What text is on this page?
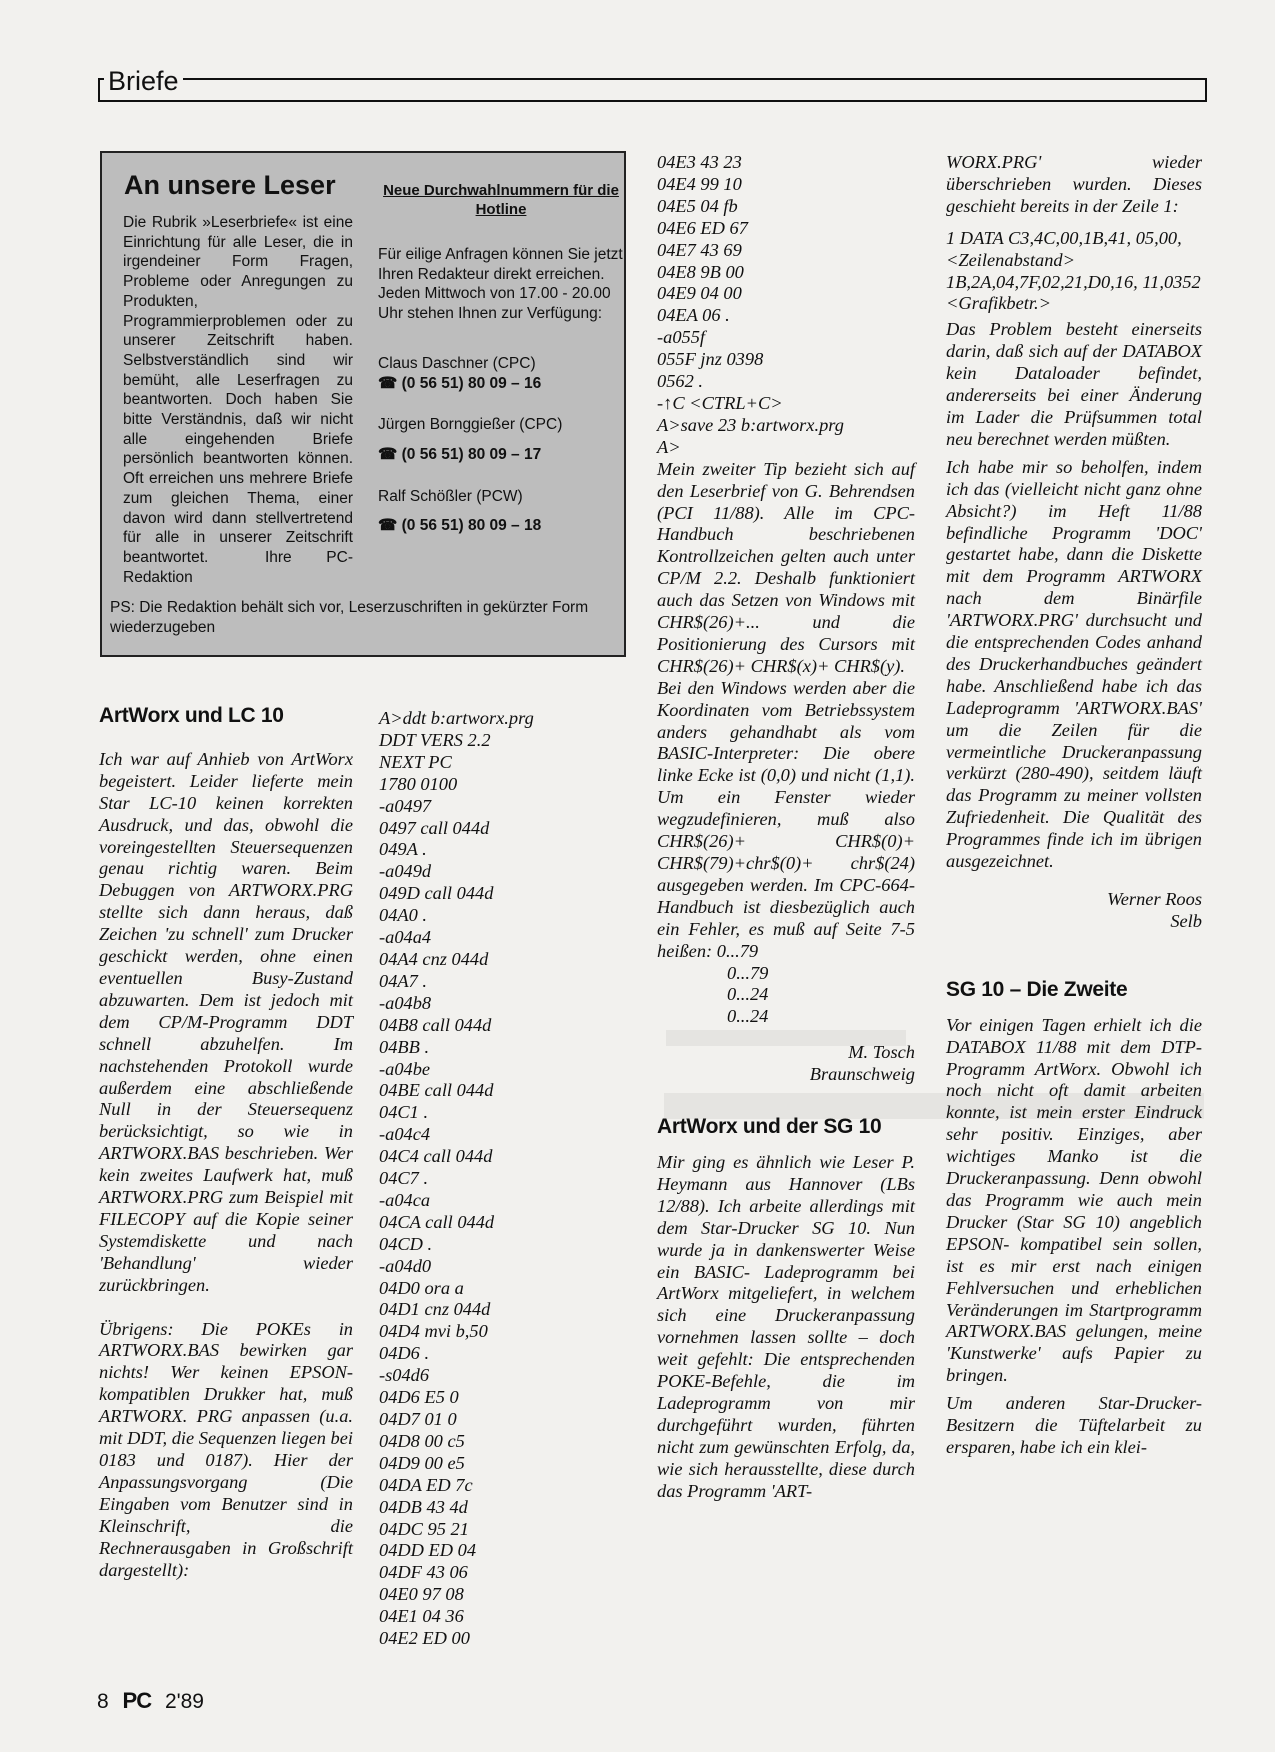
Briefe
An unsere Leser
Die Rubrik »Leserbriefe« ist eine Einrichtung für alle Leser, die in irgendeiner Form Fragen, Probleme oder Anregungen zu Produkten, Programmierproblemen oder zu unserer Zeitschrift haben. Selbstverständlich sind wir bemüht, alle Leserfragen zu beantworten. Doch haben Sie bitte Verständnis, daß wir nicht alle eingehenden Briefe persönlich beantworten können. Oft erreichen uns mehrere Briefe zum gleichen Thema, einer davon wird dann stellvertretend für alle in unserer Zeitschrift beantwortet.	Ihre PC-Redaktion
Neue Durchwahlnummern für die Hotline
Für eilige Anfragen können Sie jetzt Ihren Redakteur direkt erreichen. Jeden Mittwoch von 17.00 - 20.00 Uhr stehen Ihnen zur Verfügung:
Claus Daschner (CPC)
☎ (0 56 51) 80 09 – 16
Jürgen Bornggießer (CPC)
☎ (0 56 51) 80 09 – 17
Ralf Schößler (PCW)
☎ (0 56 51) 80 09 – 18
PS: Die Redaktion behält sich vor, Leserzuschriften in gekürzter Form wiederzugeben
ArtWorx und LC 10

Ich war auf Anhieb von ArtWorx begeistert. Leider lieferte mein Star LC-10 keinen korrekten Ausdruck, und das, obwohl die voreingestellten Steuersequenzen genau richtig waren. Beim Debuggen von ARTWORX.PRG stellte sich dann heraus, daß Zeichen 'zu schnell' zum Drucker geschickt werden, ohne einen eventuellen Busy-Zustand abzuwarten. Dem ist jedoch mit dem CP/M-Programm DDT schnell abzuhelfen. Im nachstehenden Protokoll wurde außerdem eine abschließende Null in der Steuersequenz berücksichtigt, so wie in ARTWORX.BAS beschrieben. Wer kein zweites Laufwerk hat, muß ARTWORX.PRG zum Beispiel mit FILECOPY auf die Kopie seiner Systemdiskette und nach 'Behandlung' wieder zurückbringen.

Übrigens: Die POKEs in ARTWORX.BAS bewirken gar nichts! Wer keinen EPSON-kompatiblen Drukker hat, muß ARTWORX. PRG anpassen (u.a. mit DDT, die Sequenzen liegen bei 0183 und 0187). Hier der Anpassungsvorgang (Die Eingaben vom Benutzer sind in Kleinschrift, die Rechnerausgaben in Großschrift dargestellt):

A>ddt b:artworx.prg
DDT VERS 2.2
NEXT PC
1780 0100
-a0497
0497 call 044d
049A .
-a049d
049D call 044d
04A0 .
-a04a4
04A4 cnz 044d
04A7 .
-a04b8
04B8 call 044d
04BB .
-a04be
04BE call 044d
04C1 .
-a04c4
04C4 call 044d
04C7 .
-a04ca
04CA call 044d
04CD .
-a04d0
04D0 ora a
04D1 cnz 044d
04D4 mvi b,50
04D6 .
-s04d6
04D6 E5 0
04D7 01 0
04D8 00 c5
04D9 00 e5
04DA ED 7c
04DB 43 4d
04DC 95 21
04DD ED 04
04DF 43 06
04E0 97 08
04E1 04 36
04E2 ED 00
04E3 43 23
04E4 99 10
04E5 04 fb
04E6 ED 67
04E7 43 69
04E8 9B 00
04E9 04 00
04EA 06 .
-a055f
055F jnz 0398
0562 .
-↑C <CTRL+C>
A>save 23 b:artworx.prg
A>

Mein zweiter Tip bezieht sich auf den Leserbrief von G. Behrendsen (PCI 11/88). Alle im CPC-Handbuch beschriebenen Kontrollzeichen gelten auch unter CP/M 2.2. Deshalb funktioniert auch das Setzen von Windows mit CHR$(26)+... und die Positionierung des Cursors mit CHR$(26)+ CHR$(x)+ CHR$(y).

Bei den Windows werden aber die Koordinaten vom Betriebssystem anders gehandhabt als vom BASIC-Interpreter: Die obere linke Ecke ist (0,0) und nicht (1,1). Um ein Fenster wieder wegzudefinieren, muß also CHR$(26)+ CHR$(0)+ CHR$(79)+chr$(0)+ chr$(24) ausgegeben werden. Im CPC-664-Handbuch ist diesbezüglich auch ein Fehler, es muß auf Seite 7-5 heißen: 0...79

0...79
0...24
0...24
M. Tosch
Braunschweig
ArtWorx und der SG 10

Mir ging es ähnlich wie Leser P. Heymann aus Hannover (LBs 12/88). Ich arbeite allerdings mit dem Star-Drucker SG 10. Nun wurde ja in dankenswerter Weise ein BASIC- Ladeprogramm bei ArtWorx mitgeliefert, in welchem sich eine Druckeranpassung vornehmen lassen sollte – doch weit gefehlt: Die entsprechenden POKE-Befehle, die im Ladeprogramm von mir durchgeführt wurden, führten nicht zum gewünschten Erfolg, da, wie sich herausstellte, diese durch das Programm 'ART-

WORX.PRG' wieder überschrieben wurden. Dieses geschieht bereits in der Zeile 1:

1 DATA C3,4C,00,1B,41, 05,00,<Zeilenabstand> 1B,2A,04,7F,02,21,D0,16, 11,0352 <Grafikbetr.>

Das Problem besteht einerseits darin, daß sich auf der DATABOX kein Dataloader befindet, andererseits bei einer Änderung im Lader die Prüfsummen total neu berechnet werden müßten.

Ich habe mir so beholfen, indem ich das (vielleicht nicht ganz ohne Absicht?) im Heft 11/88 befindliche Programm 'DOC' gestartet habe, dann die Diskette mit dem Programm ARTWORX nach dem Binärfile 'ARTWORX.PRG' durchsucht und die entsprechenden Codes anhand des Druckerhandbuches geändert habe. Anschließend habe ich das Ladeprogramm 'ARTWORX.BAS' um die Zeilen für die vermeintliche Druckeranpassung verkürzt (280-490), seitdem läuft das Programm zu meiner vollsten Zufriedenheit. Die Qualität des Programmes finde ich im übrigen ausgezeichnet.

Werner Roos
Selb
SG 10 – Die Zweite

Vor einigen Tagen erhielt ich die DATABOX 11/88 mit dem DTP-Programm ArtWorx. Obwohl ich noch nicht oft damit arbeiten konnte, ist mein erster Eindruck sehr positiv. Einziges, aber wichtiges Manko ist die Druckeranpassung. Denn obwohl das Programm wie auch mein Drucker (Star SG 10) angeblich EPSON- kompatibel sein sollen, ist es mir erst nach einigen Fehlversuchen und erheblichen Veränderungen im Startprogramm ARTWORX.BAS gelungen, meine 'Kunstwerke' aufs Papier zu bringen.

Um anderen Star-Drucker-Besitzern die Tüftelarbeit zu ersparen, habe ich ein klei-

8 PC 2'89
